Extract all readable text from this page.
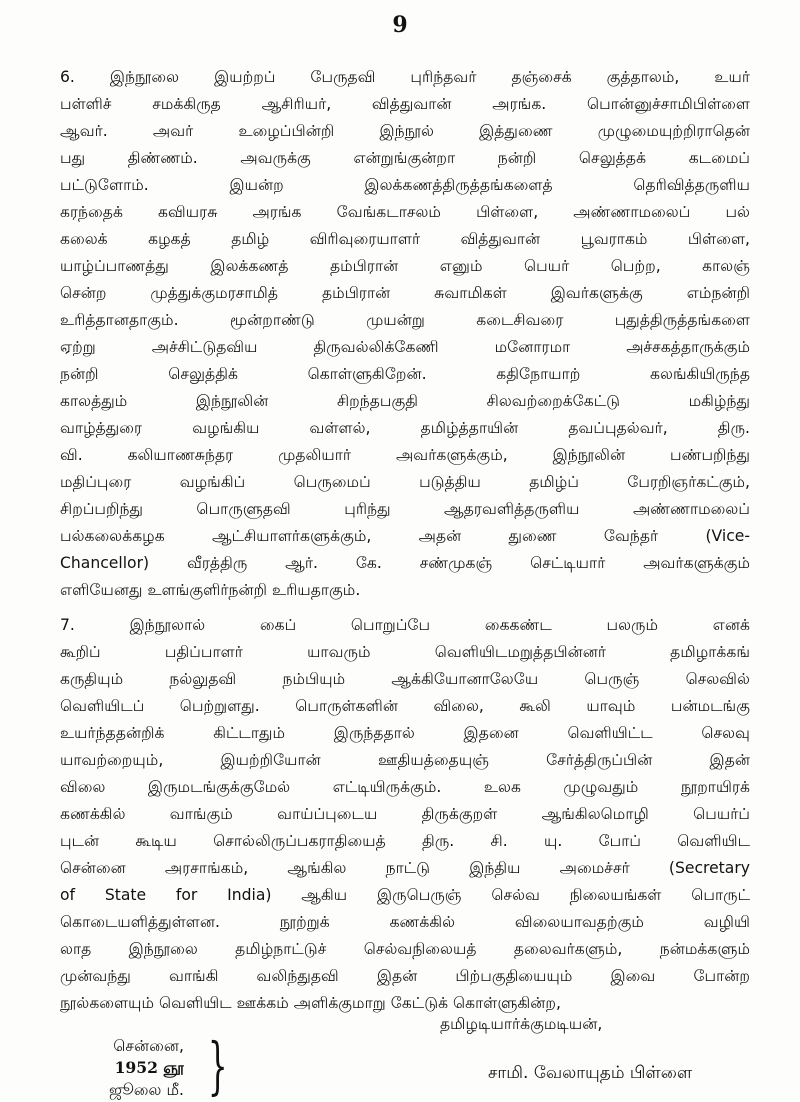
9
6. இந்நூலை இயற்றப் பேருதவி புரிந்தவர் தஞ்சைக் குத்தாலம், உயர்
பள்ளிச் சமக்கிருத ஆசிரியர், வித்துவான் அரங்க. பொன்னுச்சாமிபிள்ளை
ஆவர். அவர் உழைப்பின்றி இந்நூல் இத்துணை முழுமையுற்றிராதென்
பது திண்ணம். அவருக்கு என்றுங்குன்றா நன்றி செலுத்தக் கடமைப்
பட்டுளோம். இயன்ற இலக்கணத்திருத்தங்களைத் தெரிவித்தருளிய
கரந்தைக் கவியரசு அரங்க வேங்கடாசலம் பிள்ளை, அண்ணாமலைப் பல்
கலைக் கழகத் தமிழ் விரிவுரையாளர் வித்துவான் பூவராகம் பிள்ளை,
யாழ்ப்பாணத்து இலக்கணத் தம்பிரான் எனும் பெயர் பெற்ற, காலஞ்
சென்ற முத்துக்குமரசாமித் தம்பிரான் சுவாமிகள் இவர்களுக்கு எம்நன்றி
உரித்தானதாகும். மூன்றாண்டு முயன்று கடைசிவரை புதுத்திருத்தங்களை
ஏற்று அச்சிட்டுதவிய திருவல்லிக்கேணி மனோரமா அச்சகத்தாருக்கும்
நன்றி செலுத்திக் கொள்ளுகிறேன். கதிநோயாற் கலங்கியிருந்த
காலத்தும் இந்நூலின் சிறந்தபகுதி சிலவற்றைக்கேட்டு மகிழ்ந்து
வாழ்த்துரை வழங்கிய வள்ளல், தமிழ்த்தாயின் தவப்புதல்வர், திரு.
வி. கலியாணசுந்தர முதலியார் அவர்களுக்கும், இந்நூலின் பண்பறிந்து
மதிப்புரை வழங்கிப் பெருமைப் படுத்திய தமிழ்ப் பேரறிஞர்கட்கும்,
சிறப்பறிந்து பொருளுதவி புரிந்து ஆதரவளித்தருளிய அண்ணாமலைப்
பல்கலைக்கழக ஆட்சியாளர்களுக்கும், அதன் துணை வேந்தர் (Vice-
Chancellor) வீரத்திரு ஆர். கே. சண்முகஞ் செட்டியார் அவர்களுக்கும்
எளியேனது உளங்குளிர்நன்றி உரியதாகும்.
7. இந்நூலால் கைப் பொறுப்பே கைகண்ட பலரும் எனக்
கூறிப் பதிப்பாளர் யாவரும் வெளியிடமறுத்தபின்னர் தமிழாக்கங்
கருதியும் நல்லுதவி நம்பியும் ஆக்கியோனாலேயே பெருஞ் செலவில்
வெளியிடப் பெற்றுளது. பொருள்களின் விலை, கூலி யாவும் பன்மடங்கு
உயர்ந்ததன்றிக் கிட்டாதும் இருந்ததால் இதனை வெளியிட்ட செலவு
யாவற்றையும், இயற்றியோன் ஊதியத்தையுஞ் சேர்த்திருப்பின் இதன்
விலை இருமடங்குக்குமேல் எட்டியிருக்கும். உலக முழுவதும் நூறாயிரக்
கணக்கில் வாங்கும் வாய்ப்புடைய திருக்குறள் ஆங்கிலமொழி பெயர்ப்
புடன் கூடிய சொல்லிருப்பகராதியைத் திரு. சி. யு. போப் வெளியிட
சென்னை அரசாங்கம், ஆங்கில நாட்டு இந்திய அமைச்சர் (Secretary
of State for India) ஆகிய இருபெருஞ் செல்வ நிலையங்கள் பொருட்
கொடையளித்துள்ளன. நூற்றுக் கணக்கில் விலையாவதற்கும் வழியி
லாத இந்நூலை தமிழ்நாட்டுச் செல்வநிலையத் தலைவர்களும், நன்மக்களும்
முன்வந்து வாங்கி வலிந்துதவி இதன் பிற்பகுதியையும் இவை போன்ற
நூல்களையும் வெளியிட ஊக்கம் அளிக்குமாறு கேட்டுக் கொள்ளுகின்ற,
சென்னை,
1952 ஞூ
ஜூலை மீ. }
தமிழடியார்க்குமடியன்,
சாமி. வேலாயுதம் பிள்ளை
